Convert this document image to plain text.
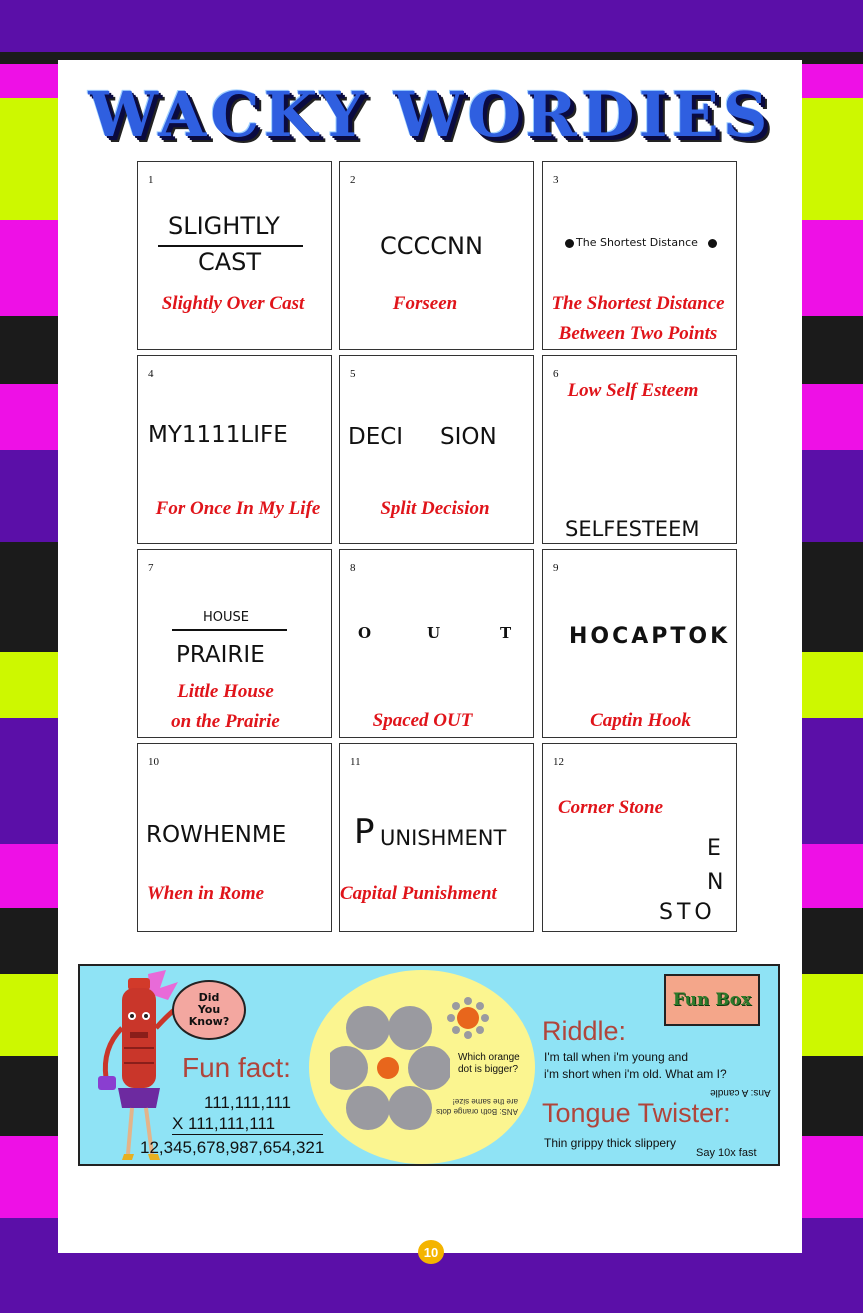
WACKY WORDIES
1
SLIGHTLY
CAST
Slightly Over Cast
2
CCCCNN
Forseen
3
The Shortest Distance
The Shortest Distance
Between Two Points
4
MY1111LIFE
For Once In My Life
5
DECI SION
Split Decision
6
Low Self Esteem
SELFESTEEM
7
HOUSE
PRAIRIE
Little House
on the Prairie
8
O	U	T
Spaced OUT
9
HOCAPTOK
Captin Hook
10
ROWHENME
When in Rome
11
P UNISHMENT
Capital Punishment
12
Corner Stone
E
N
STO
Did You Know?
Fun fact:
111,111,111
X 111,111,111
12,345,678,987,654,321
Which orange dot is bigger?
ANS: Both orange dots are the same size!
Fun Box
Riddle:
I'm tall when i'm young and
i'm short when i'm old. What am I?
Ans: A candle
Tongue Twister:
Thin grippy thick slippery
Say 10x fast
10
